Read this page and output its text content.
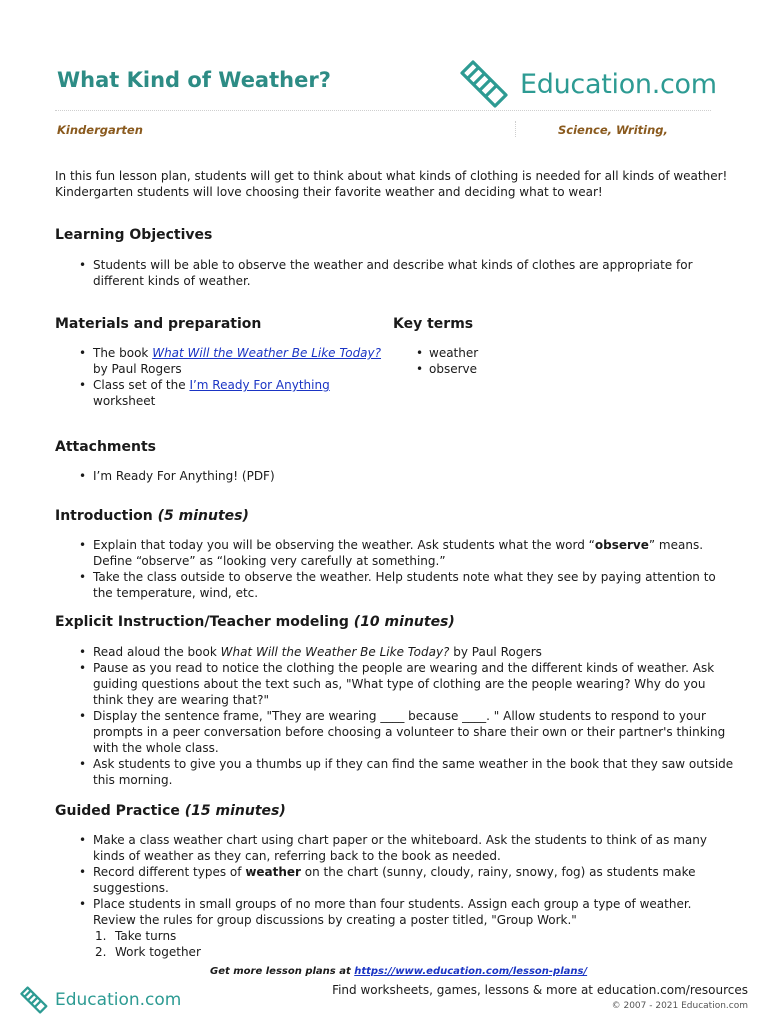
What Kind of Weather?	Education.com
Kindergarten	Science, Writing,

In this fun lesson plan, students will get to think about what kinds of clothing is needed for all kinds of weather!
Kindergarten students will love choosing their favorite weather and deciding what to wear!

Learning Objectives
• Students will be able to observe the weather and describe what kinds of clothes are appropriate for
different kinds of weather.
Materials and preparation
• The book What Will the Weather Be Like Today?
by Paul Rogers
• Class set of the I’m Ready For Anything
worksheet
Key terms
• weather
• observe
Attachments
• I’m Ready For Anything! (PDF)
Introduction (5 minutes)
• Explain that today you will be observing the weather. Ask students what the word “observe” means.
Define “observe” as “looking very carefully at something.”
• Take the class outside to observe the weather. Help students note what they see by paying attention to
the temperature, wind, etc.
Explicit Instruction/Teacher modeling (10 minutes)
• Read aloud the book What Will the Weather Be Like Today? by Paul Rogers
• Pause as you read to notice the clothing the people are wearing and the different kinds of weather. Ask
guiding questions about the text such as, "What type of clothing are the people wearing? Why do you
think they are wearing that?"
• Display the sentence frame, "They are wearing ____ because ____. " Allow students to respond to your
prompts in a peer conversation before choosing a volunteer to share their own or their partner's thinking
with the whole class.
• Ask students to give you a thumbs up if they can find the same weather in the book that they saw outside
this morning.
Guided Practice (15 minutes)
• Make a class weather chart using chart paper or the whiteboard. Ask the students to think of as many
kinds of weather as they can, referring back to the book as needed.
• Record different types of weather on the chart (sunny, cloudy, rainy, snowy, fog) as students make
suggestions.
• Place students in small groups of no more than four students. Assign each group a type of weather.
Review the rules for group discussions by creating a poster titled, "Group Work."
1. Take turns
2. Work together
Get more lesson plans at https://www.education.com/lesson-plans/
Education.com	Find worksheets, games, lessons & more at education.com/resources
© 2007 - 2021 Education.com
